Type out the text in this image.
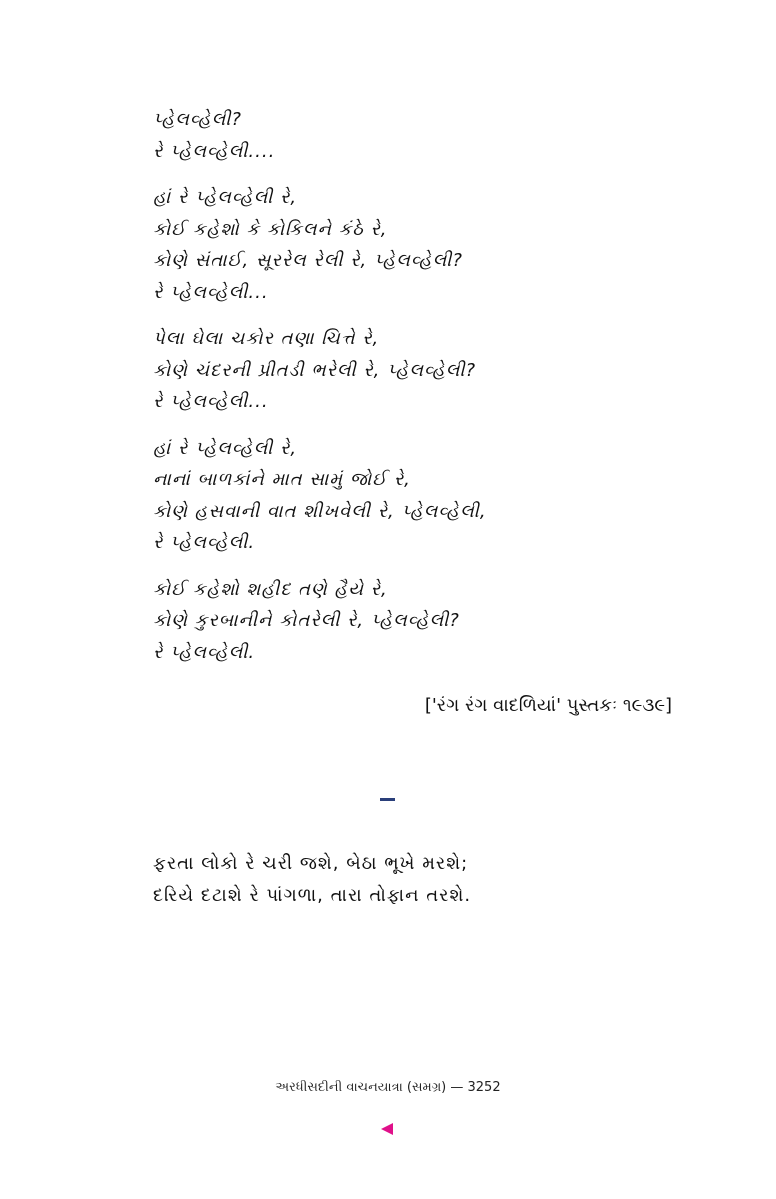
પ્હેલવ્હેલી?
રે પ્હેલવ્હેલી....
હાં રે પ્હેલવ્હેલી રે,
કોઈ કહેશો કે કોકિલને કંઠે રે,
કોણે સંતાઈ, સૂરરેલ રેલી રે, પ્હેલવ્હેલી?
રે પ્હેલવ્હેલી...
પેલા ઘેલા ચકોર તણા ચિત્તે રે,
કોણે ચંદરની પ્રીતડી ભરેલી રે, પ્હેલવ્હેલી?
રે પ્હેલવ્હેલી...
હાં રે પ્હેલવ્હેલી રે,
નાનાં બાળકાંને માત સામું જોઈ રે,
કોણે હસવાની વાત શીખવેલી રે, પ્હેલવ્હેલી,
રે પ્હેલવ્હેલી.
કોઈ કહેશો શહીદ તણે હૈયે રે,
કોણે કુરબાનીને કોતરેલી રે, પ્હેલવ્હેલી?
રે પ્હેલવ્હેલી.
['રંગ રંગ વાદળિયાં' પુસ્તકઃ ૧૯૩૯]
ફરતા લોકો રે ચરી જશે, બેઠા ભૂખે મરશે;
દરિયે દટાશે રે પાંગળા, તારા તોફાન તરશે.
અરધીસદીની વાચનયાત્રા (સમગ્ર) — 3252
